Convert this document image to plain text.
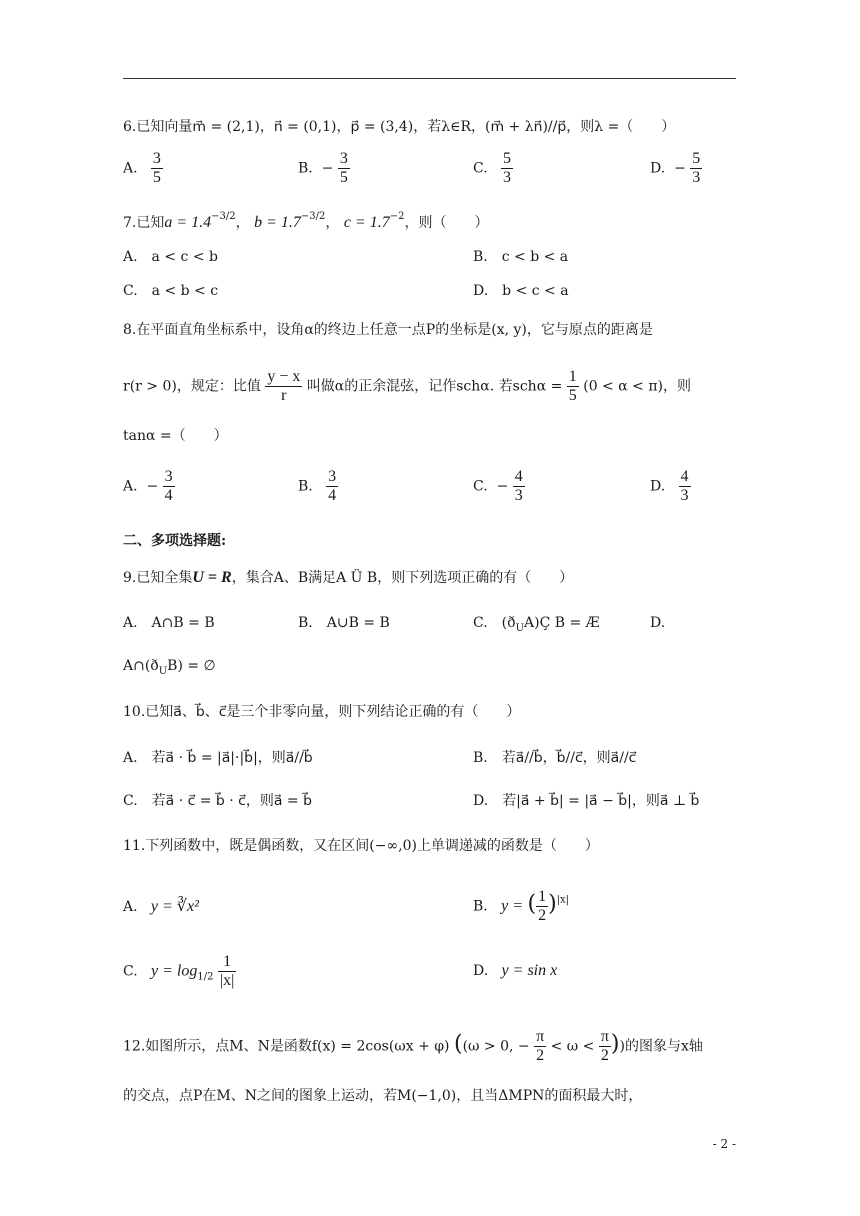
6.已知向量m⃗ = (2,1)，n⃗ = (0,1)，p⃗ = (3,4)，若λ∈R，(m⃗ + λn⃗)//p⃗，则λ =（　　）
A. $\frac{3}{5}$	B. − $\frac{3}{5}$	C. $\frac{5}{3}$	D. − $\frac{5}{3}$
7.已知$a = 1.4^{-3/2}$， $b = 1.7^{-3/2}$， $c = 1.7^{-2}$，则（　　）
A.　a < c < b	B.　c < b < a
C.　a < b < c	D.　b < c < a
8.在平面直角坐标系中，设角α的终边上任意一点P的坐标是(x, y)，它与原点的距离是
r(r > 0)，规定：比值 $\frac{y - x}{r}$ 叫做α的正余混弦，记作schα. 若$sch\alpha = \frac{1}{5} (0 < \alpha < \pi)$，则
tanα =（　　）
A. − $\frac{3}{4}$	B. $\frac{3}{4}$	C. − $\frac{4}{3}$	D. $\frac{4}{3}$
二、多项选择题:
9.已知全集U = R，集合A、B满足A Ü B，则下列选项正确的有（　　）
A.　A∩B = B	B.　A∪B = B	C.　$(ð_UA)Ç$ B = Æ	D.
$A\cap(ð_UB)$ = ∅
10.已知a⃗、b⃗、c⃗是三个非零向量，则下列结论正确的有（　　）
A.　若a⃗ · b⃗ = |a⃗|·|b⃗|，则a⃗//b⃗	B.　若a⃗//b⃗，b⃗//c⃗，则a⃗//c⃗
C.　若a⃗ · c⃗ = b⃗ · c⃗，则a⃗ = b⃗	D.　若|a⃗ + b⃗| = |a⃗ − b⃗|，则a⃗ ⊥ b⃗
11.下列函数中，既是偶函数，又在区间(−∞,0)上单调递减的函数是（　　）
A. y = ∛x²	B. y = ( $\frac{1}{2} )^{|x|}$
C. $y = \log_{1/2} \frac{1}{|x|}$	D. y = sin x
12.如图所示，点M、N是函数f(x) = 2cos(ωx + φ) ((ω > 0, − $\frac{\pi}{2} < \omega < \frac{\pi}{2}$ ))的图象与x轴
的交点，点P在M、N之间的图象上运动，若M(−1,0)，且当ΔMPN的面积最大时，
- 2 -
